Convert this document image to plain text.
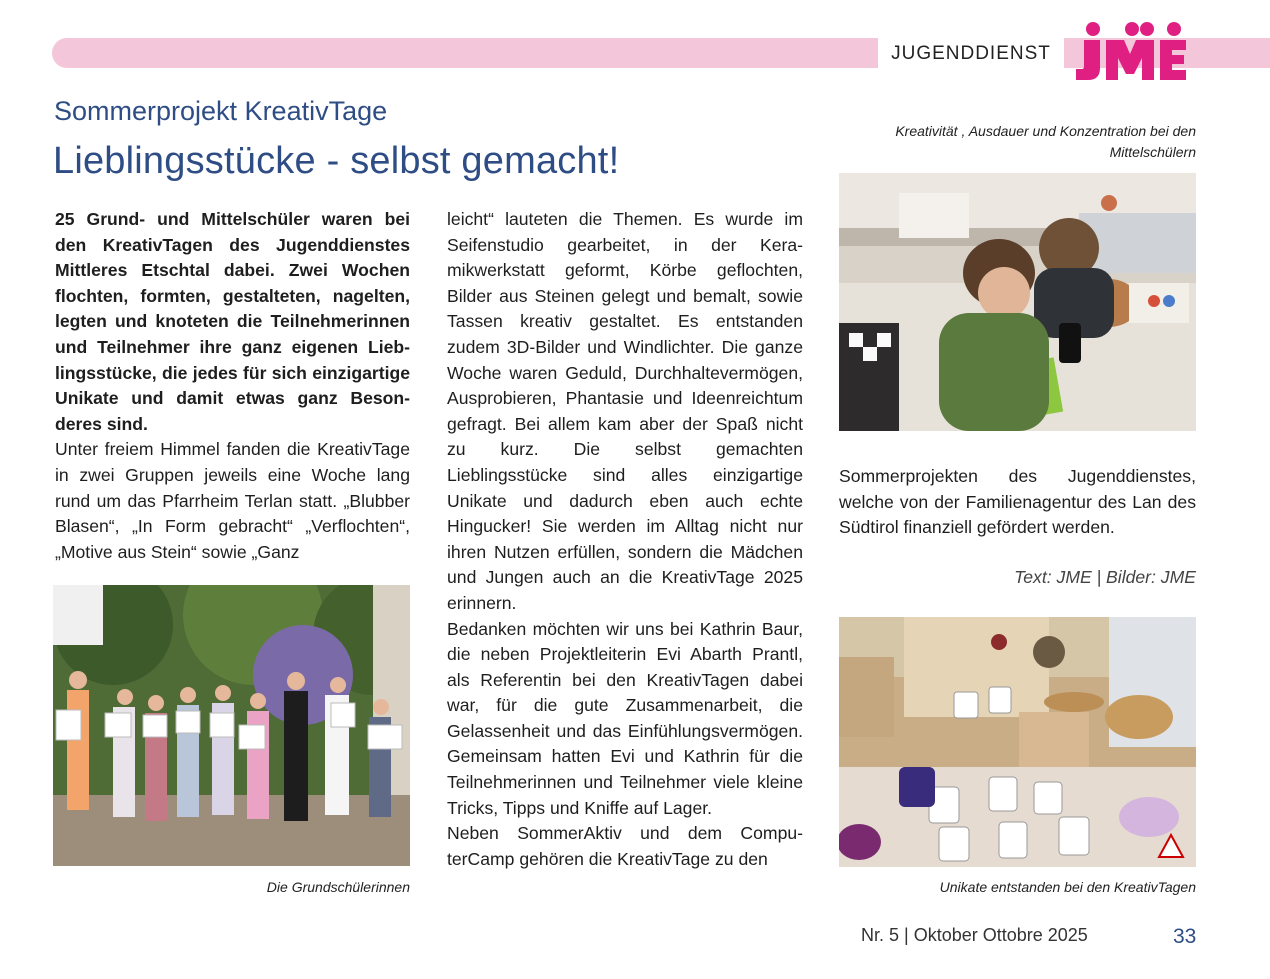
JUGENDDIENST
Sommerprojekt KreativTage
Lieblingsstücke - selbst gemacht!

25 Grund- und Mittelschüler waren bei den KreativTagen des Jugenddienstes Mittleres Etschtal dabei. Zwei Wochen flochten, formten, gestalteten, nagelten, legten und knoteten die Teilnehmerinnen und Teilnehmer ihre ganz eigenen Lieblingsstücke, die jedes für sich einzigartige Unikate und damit etwas ganz Besonderes sind.

Unter freiem Himmel fanden die KreativTage in zwei Gruppen jeweils eine Woche lang rund um das Pfarrheim Terlan statt. „Blubber Blasen“, „In Form gebracht“ „Verflochten“, „Motive aus Stein“ sowie „Ganz

leicht“ lauteten die Themen. Es wurde im Seifenstudio gearbeitet, in der Keramikwerkstatt geformt, Körbe geflochten, Bilder aus Steinen gelegt und bemalt, sowie Tassen kreativ gestaltet. Es entstanden zudem 3D-Bilder und Windlichter. Die ganze Woche waren Geduld, Durchhaltevermögen, Ausprobieren, Phantasie und Ideenreichtum gefragt. Bei allem kam aber der Spaß nicht zu kurz. Die selbst gemachten Lieblingsstücke sind alles einzigartige Unikate und dadurch eben auch echte Hingucker! Sie werden im Alltag nicht nur ihren Nutzen erfüllen, sondern die Mädchen und Jungen auch an die KreativTage 2025 erinnern.

Bedanken möchten wir uns bei Kathrin Baur, die neben Projektleiterin Evi Abarth Prantl, als Referentin bei den KreativTagen dabei war, für die gute Zusammenarbeit, die Gelassenheit und das Einfühlungsvermögen. Gemeinsam hatten Evi und Kathrin für die Teilnehmerinnen und Teilnehmer viele kleine Tricks, Tipps und Kniffe auf Lager.

Neben SommerAktiv und dem ComputerCamp gehören die KreativTage zu den

Sommerprojekten des Jugenddienstes, welche von der Familienagentur des Lan des Südtirol finanziell gefördert werden.

Text: JME | Bilder: JME
Kreativität , Ausdauer und Konzentration bei den Mittelschülern
Die Grundschülerinnen	Unikate entstanden bei den KreativTagen
Nr. 5 | Oktober Ottobre 2025	33
